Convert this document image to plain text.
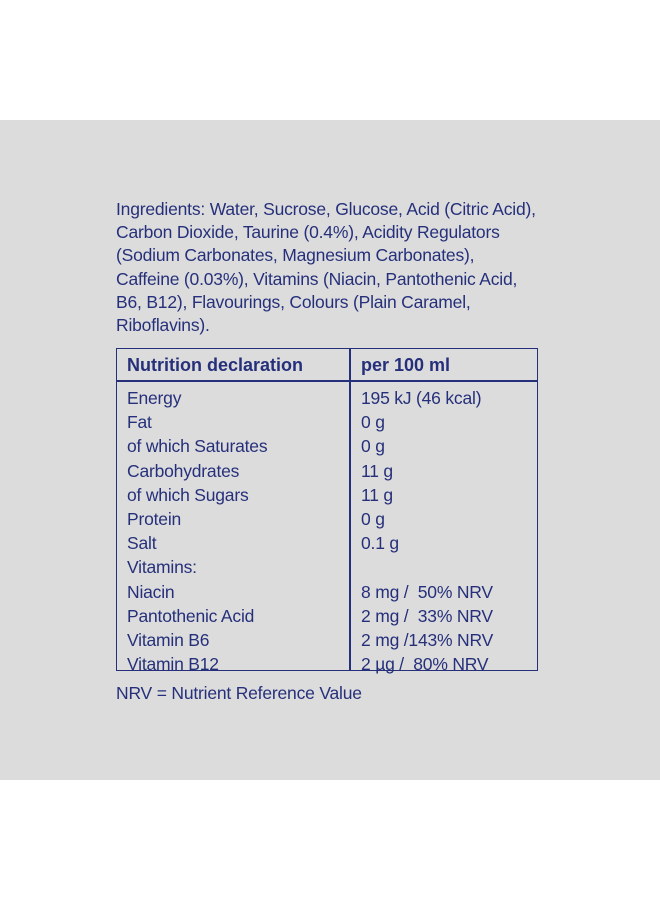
Ingredients: Water, Sucrose, Glucose, Acid (Citric Acid), Carbon Dioxide, Taurine (0.4%), Acidity Regulators (Sodium Carbonates, Magnesium Carbonates), Caffeine (0.03%), Vitamins (Niacin, Pantothenic Acid, B6, B12), Flavourings, Colours (Plain Caramel, Riboflavins).

Nutrition declaration	per 100 ml
Energy	195 kJ (46 kcal)
Fat	0 g
of which Saturates	0 g
Carbohydrates	11 g
of which Sugars	11 g
Protein	0 g
Salt	0.1 g
Vitamins:
Niacin	8 mg /  50% NRV
Pantothenic Acid	2 mg /  33% NRV
Vitamin B6	2 mg /143% NRV
Vitamin B12	2 µg /  80% NRV
NRV = Nutrient Reference Value
